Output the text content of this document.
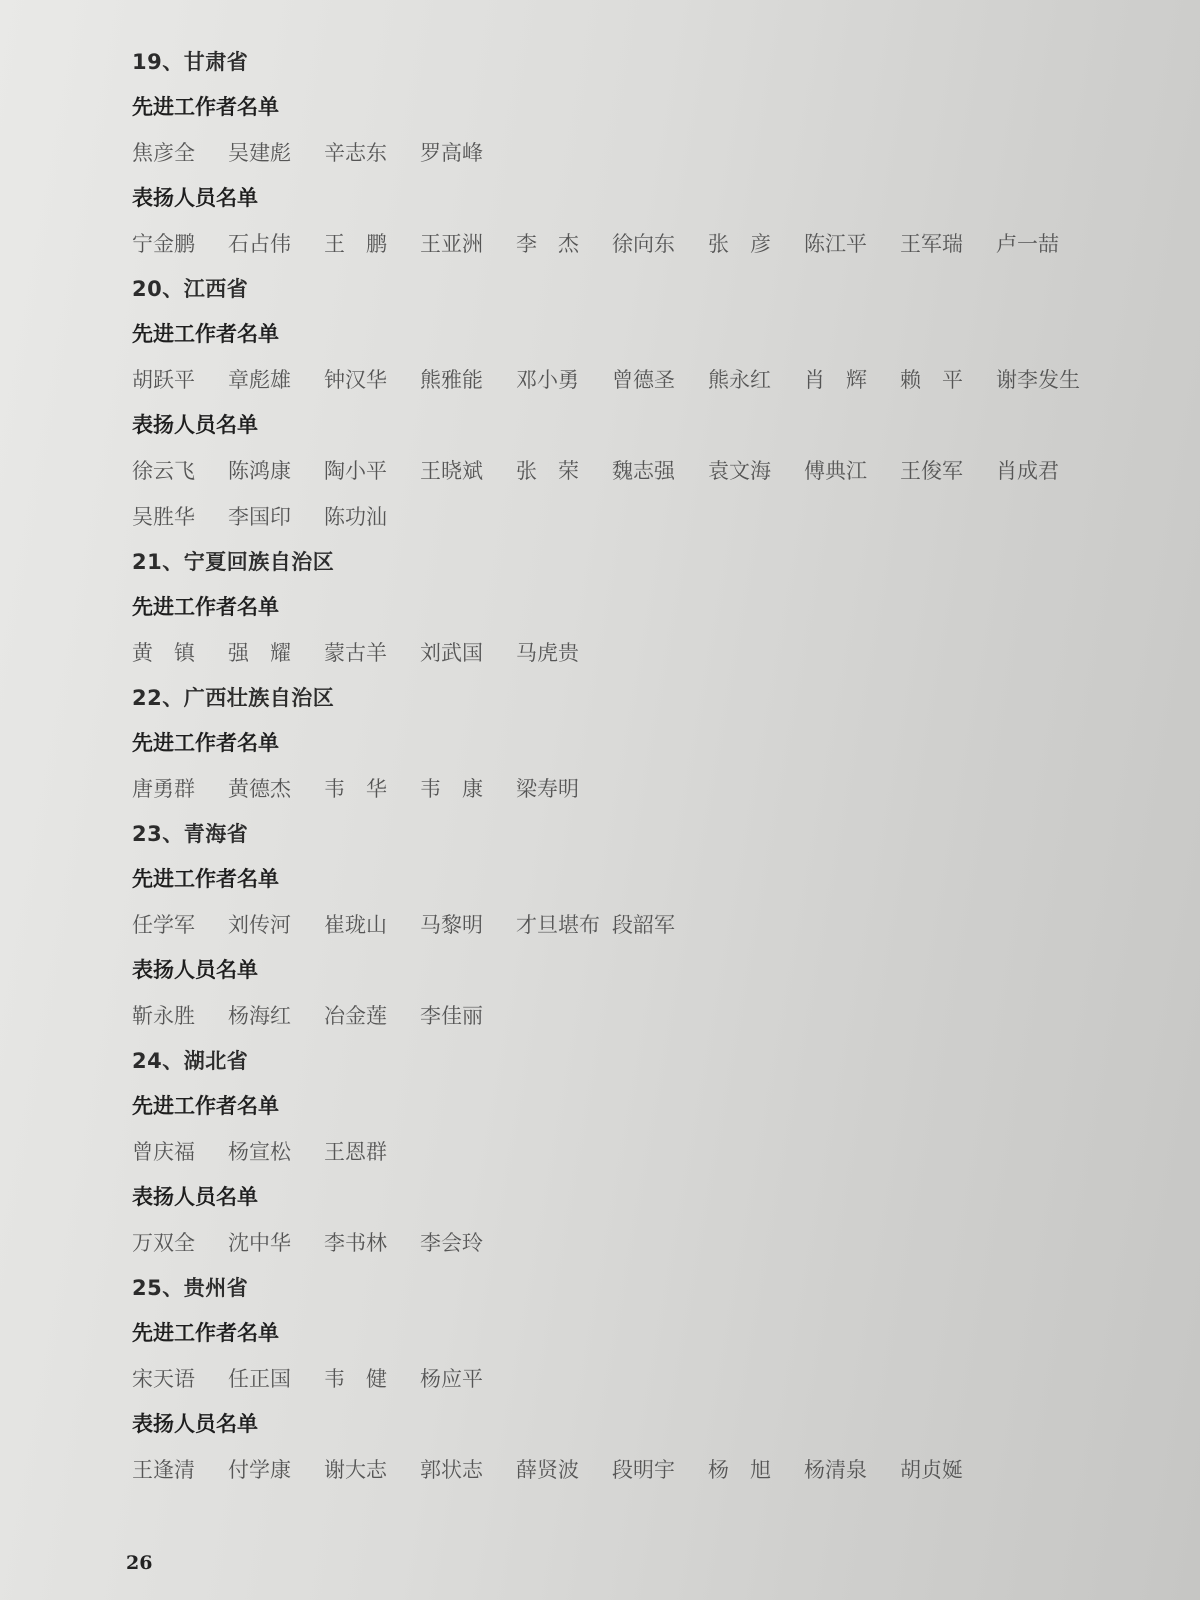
19、甘肃省
先进工作者名单
焦彦全 吴建彪 辛志东 罗高峰
表扬人员名单
宁金鹏 石占伟 王　鹏 王亚洲 李　杰 徐向东 张　彦 陈江平 王军瑞 卢一喆
20、江西省
先进工作者名单
胡跃平 章彪雄 钟汉华 熊雅能 邓小勇 曾德圣 熊永红 肖　辉 赖　平 谢李发生
表扬人员名单
徐云飞 陈鸿康 陶小平 王晓斌 张　荣 魏志强 袁文海 傅典江 王俊军 肖成君
吴胜华 李国印 陈功汕
21、宁夏回族自治区
先进工作者名单
黄　镇 强　耀 蒙古羊 刘武国 马虎贵
22、广西壮族自治区
先进工作者名单
唐勇群 黄德杰 韦　华 韦　康 梁寿明
23、青海省
先进工作者名单
任学军 刘传河 崔珑山 马黎明 才旦堪布 段韶军
表扬人员名单
靳永胜 杨海红 冶金莲 李佳丽
24、湖北省
先进工作者名单
曾庆福 杨宣松 王恩群
表扬人员名单
万双全 沈中华 李书林 李会玲
25、贵州省
先进工作者名单
宋天语 任正国 韦　健 杨应平
表扬人员名单
王逢清 付学康 谢大志 郭状志 薛贤波 段明宇 杨　旭 杨清泉 胡贞娫
26
